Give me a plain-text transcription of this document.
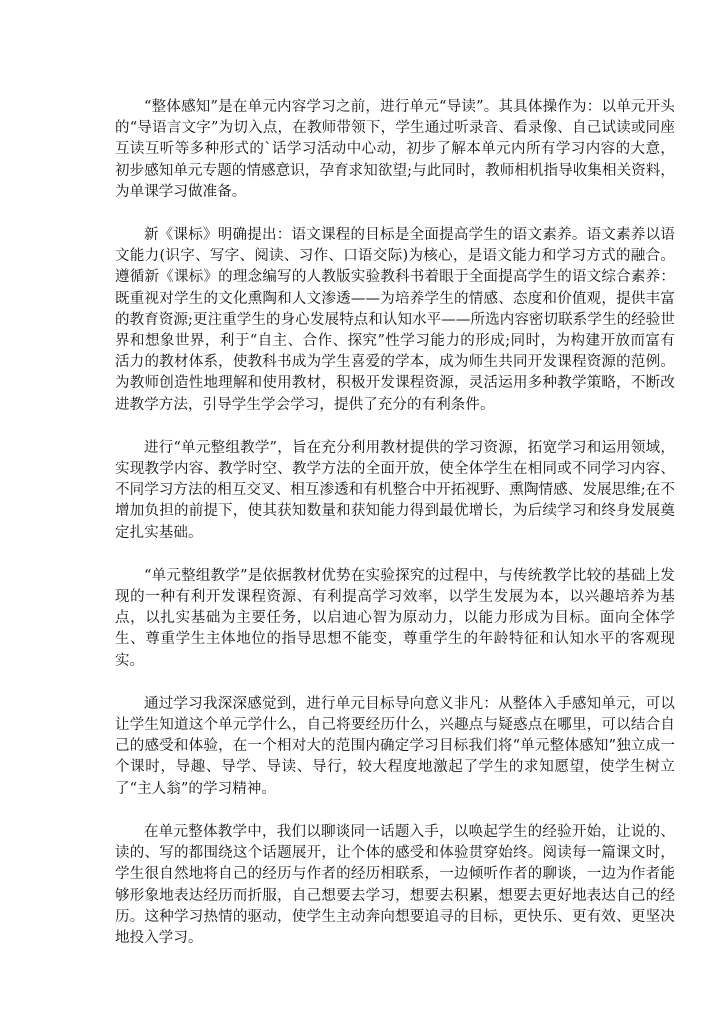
“整体感知”是在单元内容学习之前，进行单元“导读”。其具体操作为：以单元开头的“导语言文字”为切入点，在教师带领下，学生通过听录音、看录像、自己试读或同座互读互听等多种形式的`话学习活动中心动，初步了解本单元内所有学习内容的大意，初步感知单元专题的情感意识，孕育求知欲望;与此同时，教师相机指导收集相关资料，为单课学习做准备。

新《课标》明确提出：语文课程的目标是全面提高学生的语文素养。语文素养以语文能力(识字、写字、阅读、习作、口语交际)为核心，是语文能力和学习方式的融合。遵循新《课标》的理念编写的人教版实验教科书着眼于全面提高学生的语文综合素养：既重视对学生的文化熏陶和人文渗透——为培养学生的情感、态度和价值观，提供丰富的教育资源;更注重学生的身心发展特点和认知水平——所选内容密切联系学生的经验世界和想象世界，利于“自主、合作、探究”性学习能力的形成;同时，为构建开放而富有活力的教材体系，使教科书成为学生喜爱的学本，成为师生共同开发课程资源的范例。为教师创造性地理解和使用教材，积极开发课程资源，灵活运用多种教学策略，不断改进教学方法，引导学生学会学习，提供了充分的有利条件。

进行“单元整组教学”，旨在充分利用教材提供的学习资源，拓宽学习和运用领域，实现教学内容、教学时空、教学方法的全面开放，使全体学生在相同或不同学习内容、不同学习方法的相互交叉、相互渗透和有机整合中开拓视野、熏陶情感、发展思维;在不增加负担的前提下，使其获知数量和获知能力得到最优增长，为后续学习和终身发展奠定扎实基础。

“单元整组教学”是依据教材优势在实验探究的过程中，与传统教学比较的基础上发现的一种有利开发课程资源、有利提高学习效率，以学生发展为本，以兴趣培养为基点，以扎实基础为主要任务，以启迪心智为原动力，以能力形成为目标。面向全体学生、尊重学生主体地位的指导思想不能变，尊重学生的年龄特征和认知水平的客观现实。

通过学习我深深感觉到，进行单元目标导向意义非凡：从整体入手感知单元，可以让学生知道这个单元学什么，自己将要经历什么，兴趣点与疑惑点在哪里，可以结合自己的感受和体验，在一个相对大的范围内确定学习目标我们将“单元整体感知”独立成一个课时，导趣、导学、导读、导行，较大程度地激起了学生的求知愿望，使学生树立了“主人翁”的学习精神。

在单元整体教学中，我们以聊谈同一话题入手，以唤起学生的经验开始，让说的、读的、写的都围绕这个话题展开，让个体的感受和体验贯穿始终。阅读每一篇课文时，学生很自然地将自己的经历与作者的经历相联系，一边倾听作者的聊谈，一边为作者能够形象地表达经历而折服，自己想要去学习，想要去积累，想要去更好地表达自己的经历。这种学习热情的驱动，使学生主动奔向想要追寻的目标，更快乐、更有效、更坚决地投入学习。
